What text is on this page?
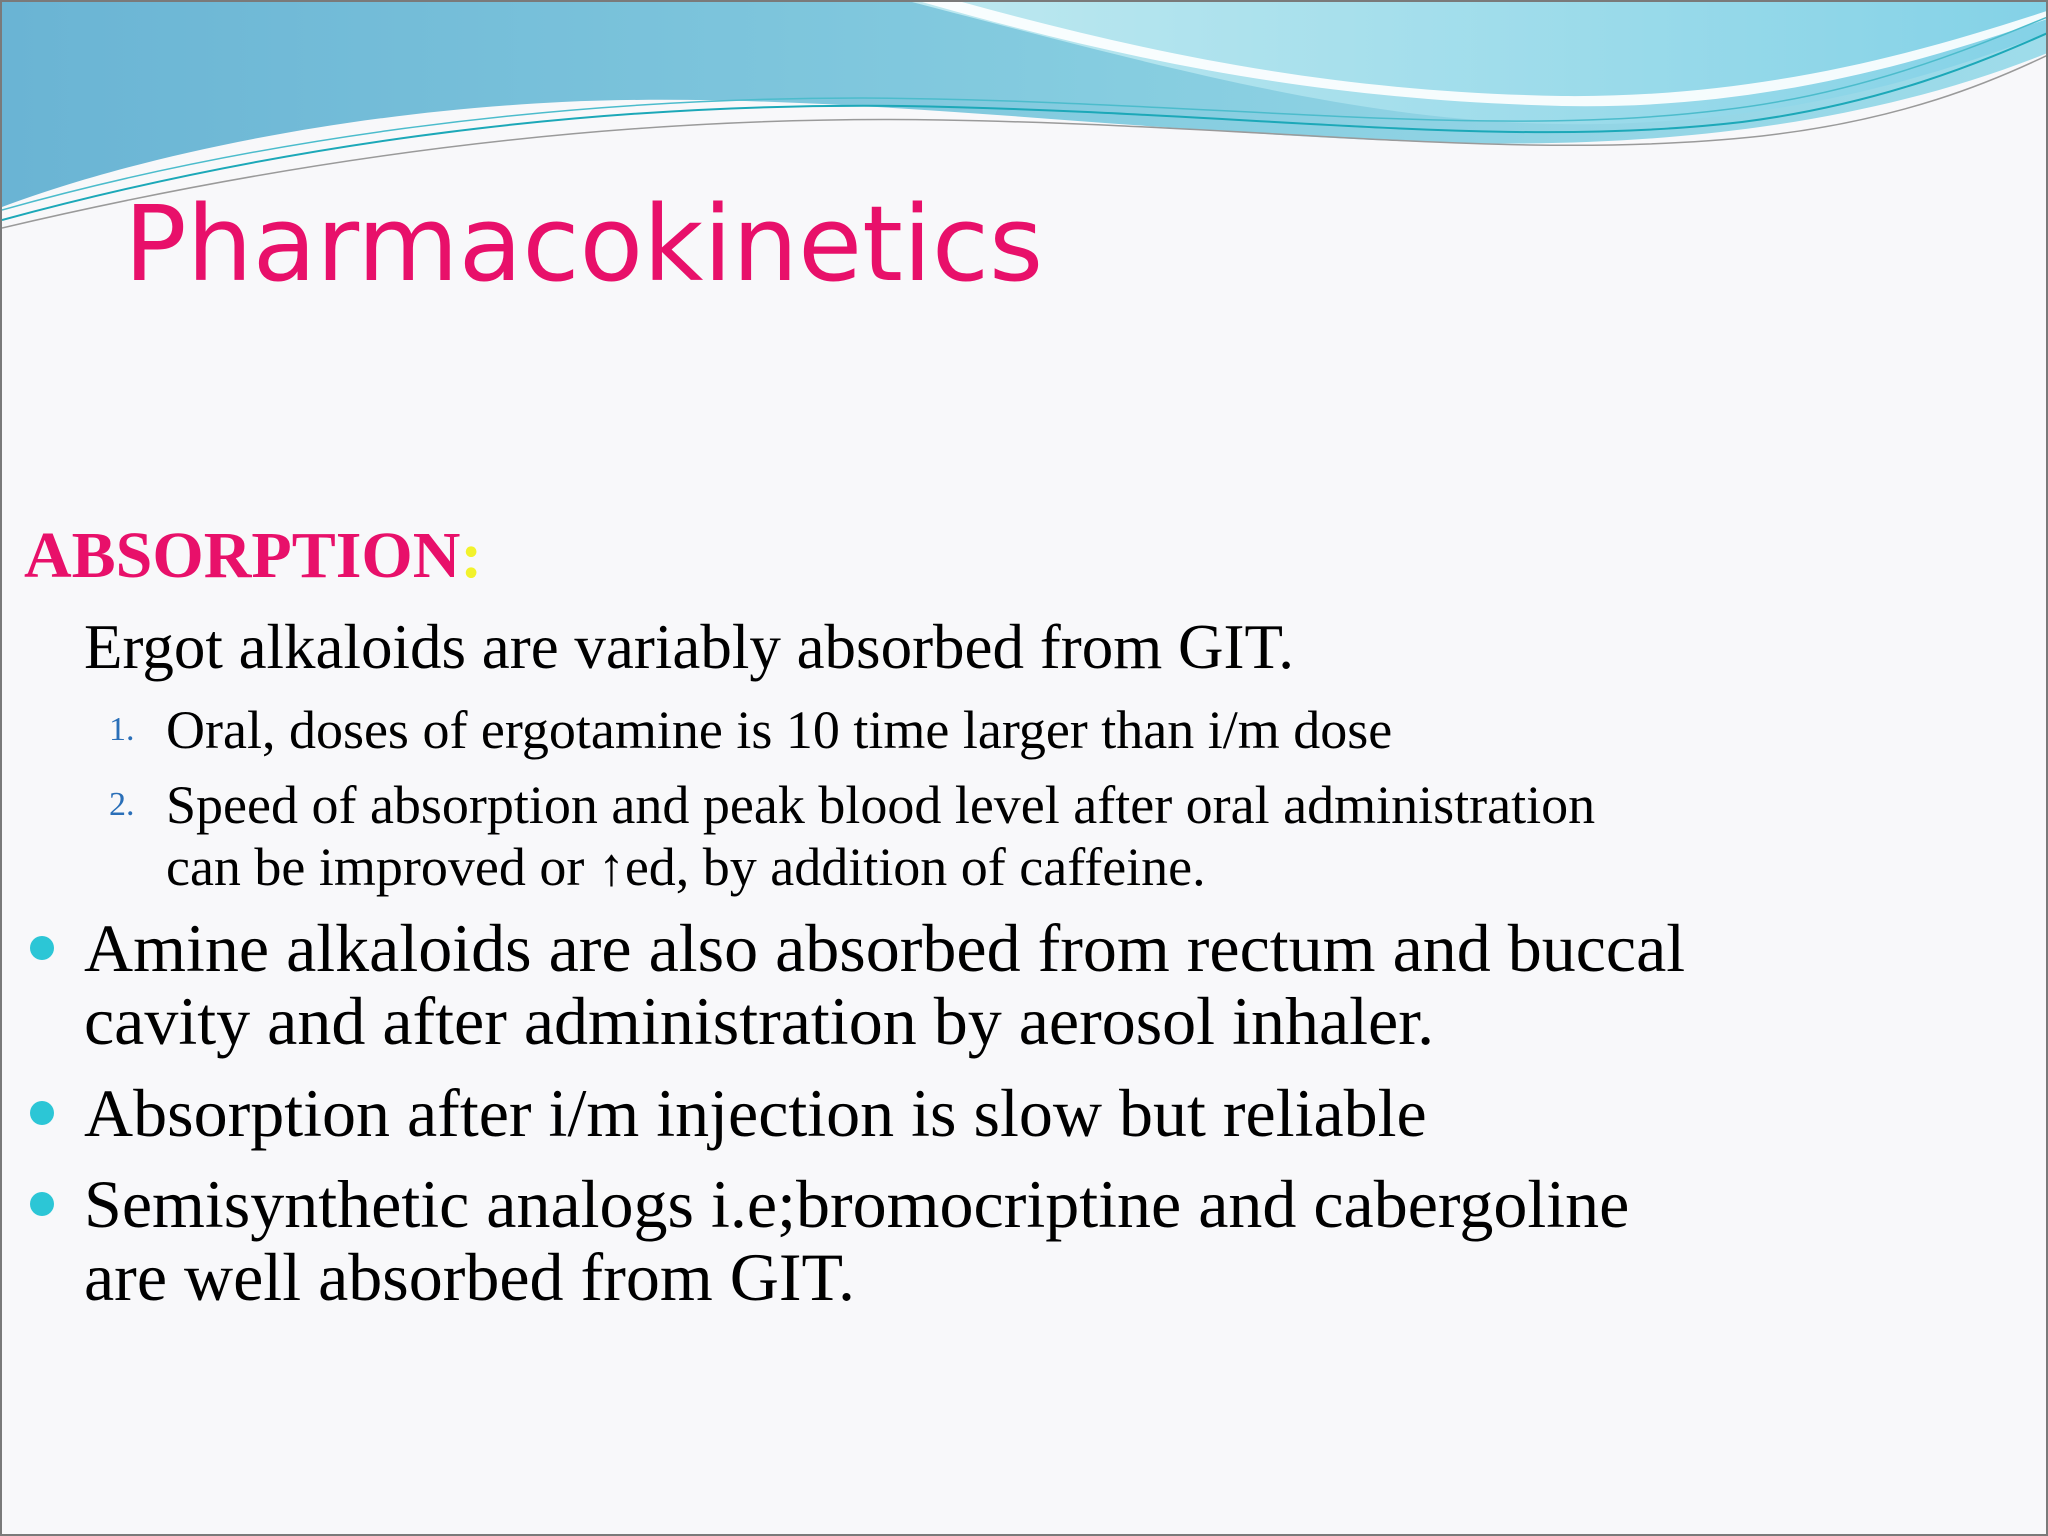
Pharmacokinetics
ABSORPTION:

Ergot alkaloids are variably absorbed from GIT.

1. Oral, doses of ergotamine is 10 time larger than i/m dose
2. Speed of absorption and peak blood level after oral administration
can be improved or ↑ed, by addition of caffeine.
Amine alkaloids are also absorbed from rectum and buccal
cavity and after administration by aerosol inhaler.
Absorption after i/m injection is slow but reliable
Semisynthetic analogs i.e;bromocriptine and cabergoline
are well absorbed from GIT.
